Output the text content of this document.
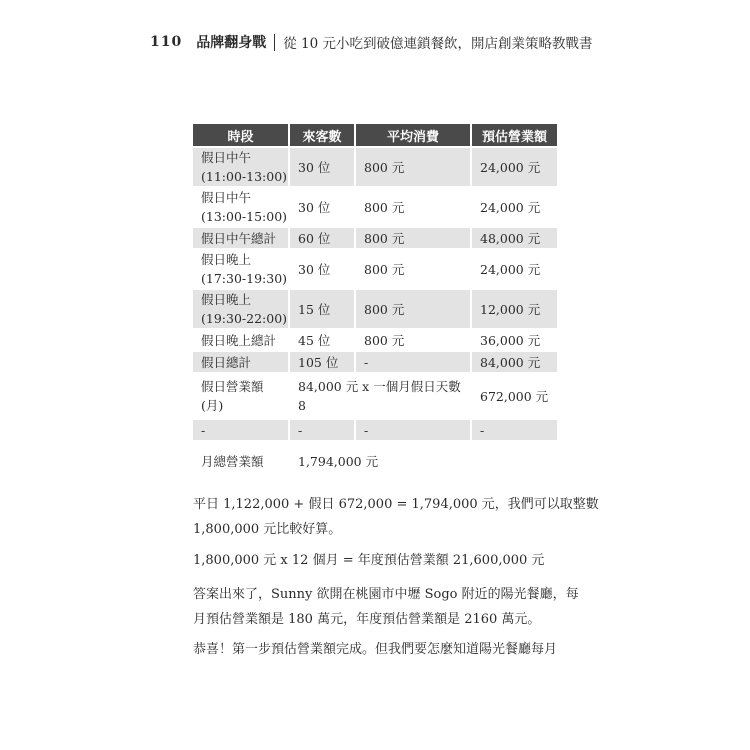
110 品牌翻身戰 從 10 元小吃到破億連鎖餐飲，開店創業策略教戰書
時段	來客數	平均消費	預估營業額
假日中午
(11:00-13:00)	30 位	800 元	24,000 元
假日中午
(13:00-15:00)	30 位	800 元	24,000 元
假日中午總計	60 位	800 元	48,000 元
假日晚上
(17:30-19:30)	30 位	800 元	24,000 元
假日晚上
(19:30-22:00)	15 位	800 元	12,000 元
假日晚上總計	45 位	800 元	36,000 元
假日總計	105 位	-	84,000 元
假日營業額
(月)	84,000 元 x 一個月假日天數 8		672,000 元
-	-	-	-
月總營業額	1,794,000 元		
平日 1,122,000 + 假日 672,000 = 1,794,000 元，我們可以取整數
1,800,000 元比較好算。
1,800,000 元 x 12 個月 = 年度預估營業額 21,600,000 元
答案出來了，Sunny 欲開在桃園市中壢 Sogo 附近的陽光餐廳，每
月預估營業額是 180 萬元，年度預估營業額是 2160 萬元。
恭喜！第一步預估營業額完成。但我們要怎麼知道陽光餐廳每月
